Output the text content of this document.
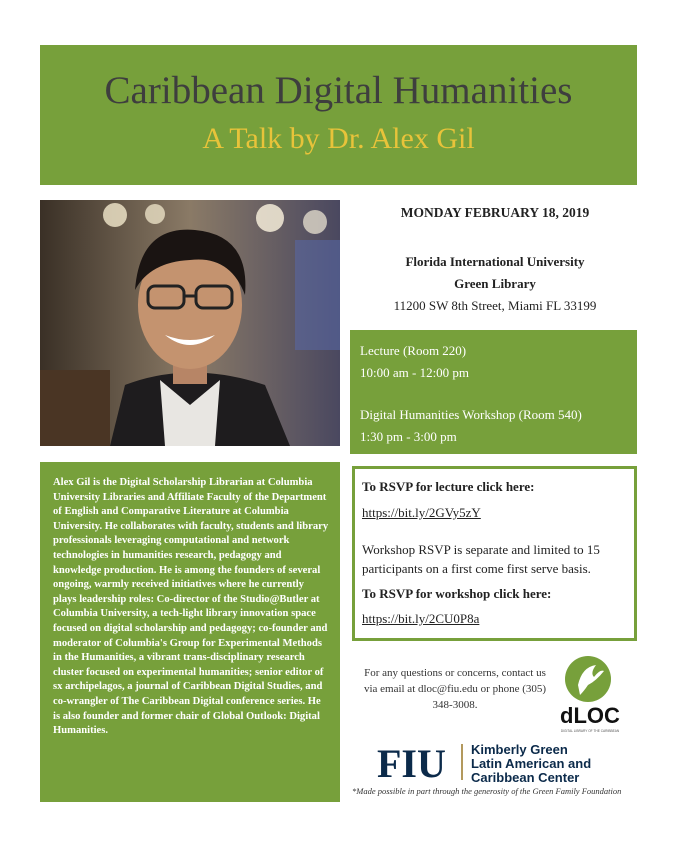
Caribbean Digital Humanities
A Talk by Dr. Alex Gil
MONDAY FEBRUARY 18, 2019
Florida International University
Green Library
11200 SW 8th Street, Miami FL 33199

Lecture (Room 220)

10:00 am - 12:00 pm

Digital Humanities Workshop (Room 540)

1:30 pm - 3:00 pm

Alex Gil is the Digital Scholarship Librarian at Columbia University Libraries and Affiliate Faculty of the Department of English and Comparative Literature at Columbia University. He collaborates with faculty, students and library professionals leveraging computational and network technologies in humanities research, pedagogy and knowledge production. He is among the founders of several ongoing, warmly received initiatives where he currently plays leadership roles: Co-director of the Studio@Butler at Columbia University, a tech-light library innovation space focused on digital scholarship and pedagogy; co-founder and moderator of Columbia's Group for Experimental Methods in the Humanities, a vibrant trans-disciplinary research cluster focused on experimental humanities; senior editor of sx archipelagos, a journal of Caribbean Digital Studies, and co-wrangler of The Caribbean Digital conference series. He is also founder and former chair of Global Outlook: Digital Humanities.

To RSVP for lecture click here:

https://bit.ly/2GVy5zY

Workshop RSVP is separate and limited to 15 participants on a first come first serve basis.

To RSVP for workshop click here:

https://bit.ly/2CU0P8a

For any questions or concerns, contact us via email at dloc@fiu.edu or phone (305) 348-3008.	dLOC
DIGITAL LIBRARY OF THE CARIBBEAN
FIU Kimberly Green
Latin American and
Caribbean Center
*Made possible in part through the generosity of the Green Family Foundation
